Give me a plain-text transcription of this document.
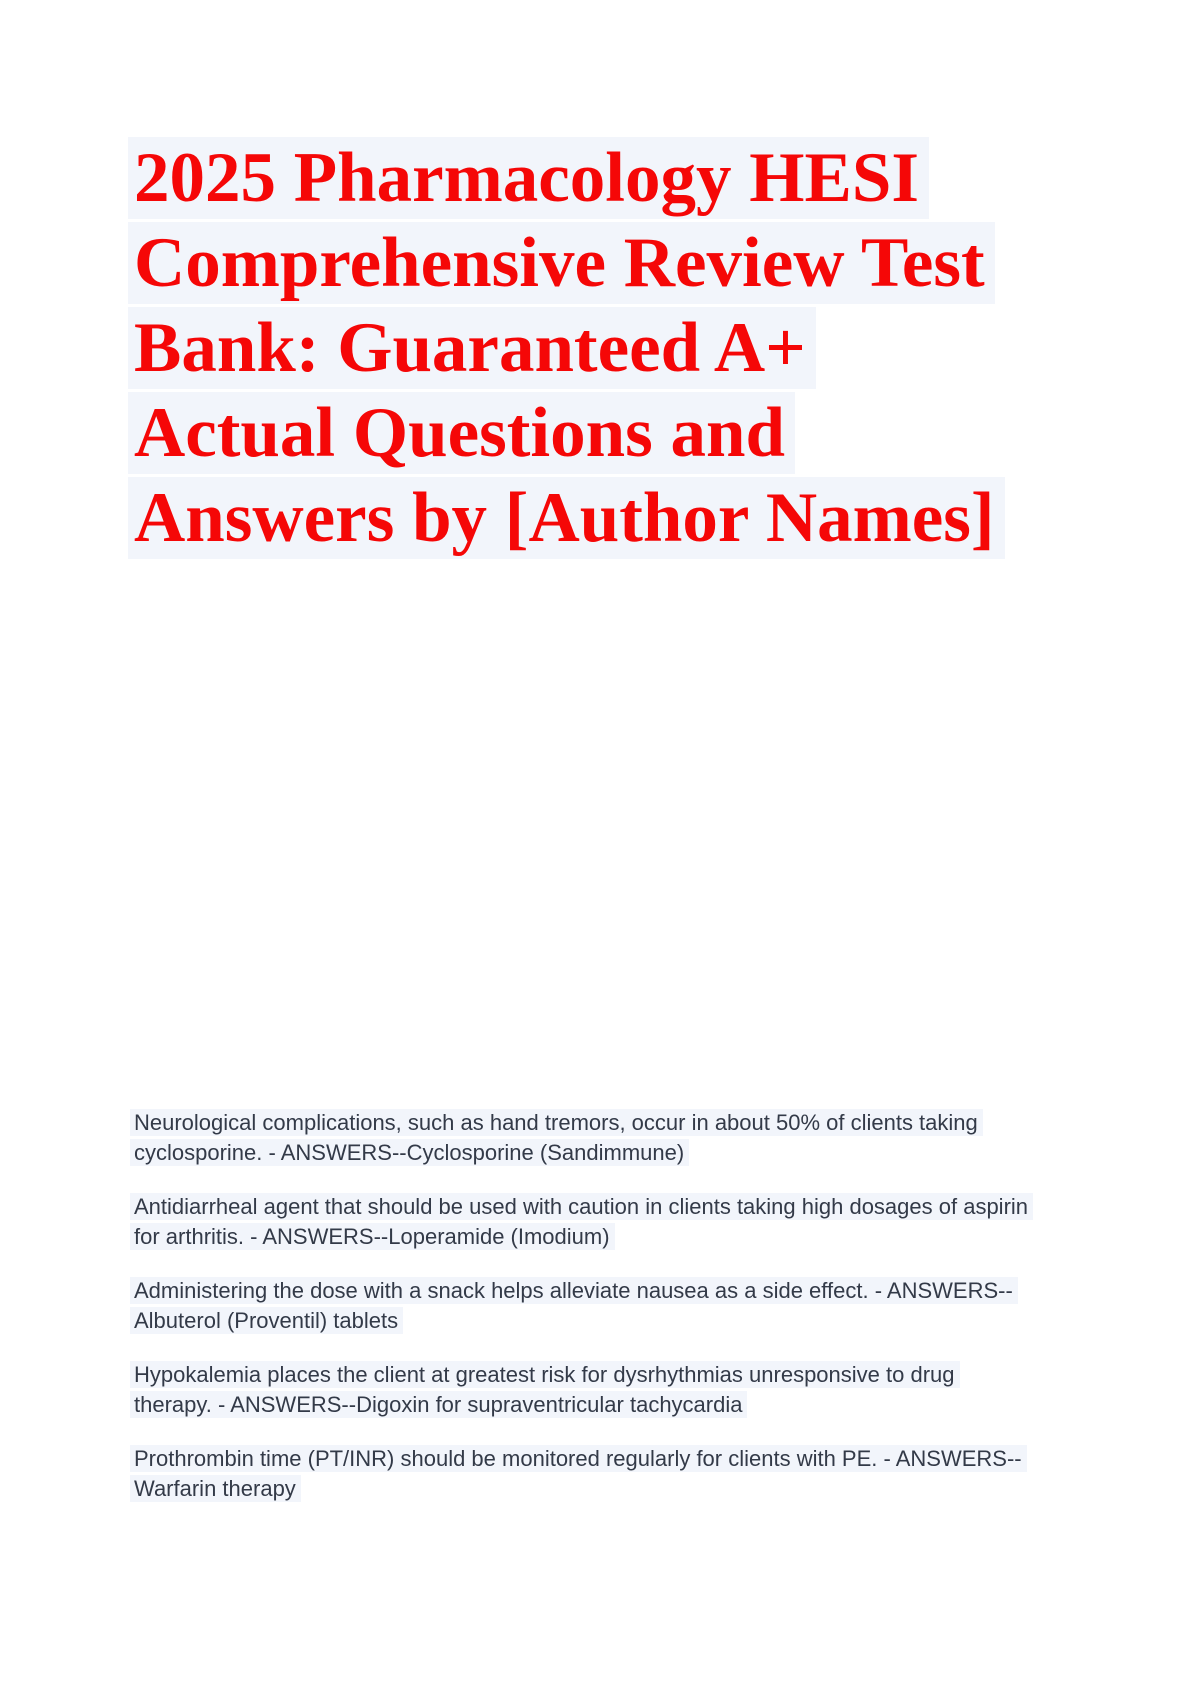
2025 Pharmacology HESI
Comprehensive Review Test
Bank: Guaranteed A+
Actual Questions and
Answers by [Author Names]

Neurological complications, such as hand tremors, occur in about 50% of clients taking cyclosporine. - ANSWERS--Cyclosporine (Sandimmune)

Antidiarrheal agent that should be used with caution in clients taking high dosages of aspirin for arthritis. - ANSWERS--Loperamide (Imodium)

Administering the dose with a snack helps alleviate nausea as a side effect. - ANSWERS--Albuterol (Proventil) tablets

Hypokalemia places the client at greatest risk for dysrhythmias unresponsive to drug therapy. - ANSWERS--Digoxin for supraventricular tachycardia

Prothrombin time (PT/INR) should be monitored regularly for clients with PE. - ANSWERS--Warfarin therapy
